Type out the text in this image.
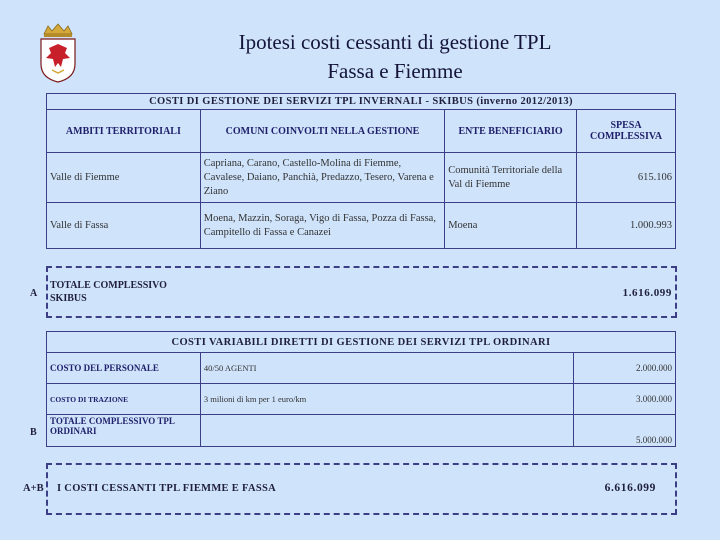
Ipotesi costi cessanti di gestione TPL
Fassa e Fiemme
COSTI DI GESTIONE DEI SERVIZI TPL INVERNALI - SKIBUS (inverno 2012/2013)			
AMBITI TERRITORIALI	COMUNI COINVOLTI NELLA GESTIONE	ENTE BENEFICIARIO	SPESA COMPLESSIVA
Valle di Fiemme	Capriana, Carano, Castello-Molina di Fiemme, Cavalese, Daiano, Panchià, Predazzo, Tesero, Varena e Ziano	Comunità Territoriale della Val di Fiemme	615.106
Valle di Fassa	Moena, Mazzin, Soraga, Vigo di Fassa, Pozza di Fassa, Campitello di Fassa e Canazei	Moena	1.000.993
A
TOTALE COMPLESSIVO SKIBUS	1.616.099
COSTI VARIABILI DIRETTI DI GESTIONE DEI SERVIZI TPL ORDINARI		
COSTO DEL PERSONALE	40/50 AGENTI	2.000.000
COSTO DI TRAZIONE	3 milioni di km per 1 euro/km	3.000.000
TOTALE COMPLESSIVO TPL ORDINARI		5.000.000
B
A+B I COSTI CESSANTI TPL FIEMME E FASSA	6.616.099
